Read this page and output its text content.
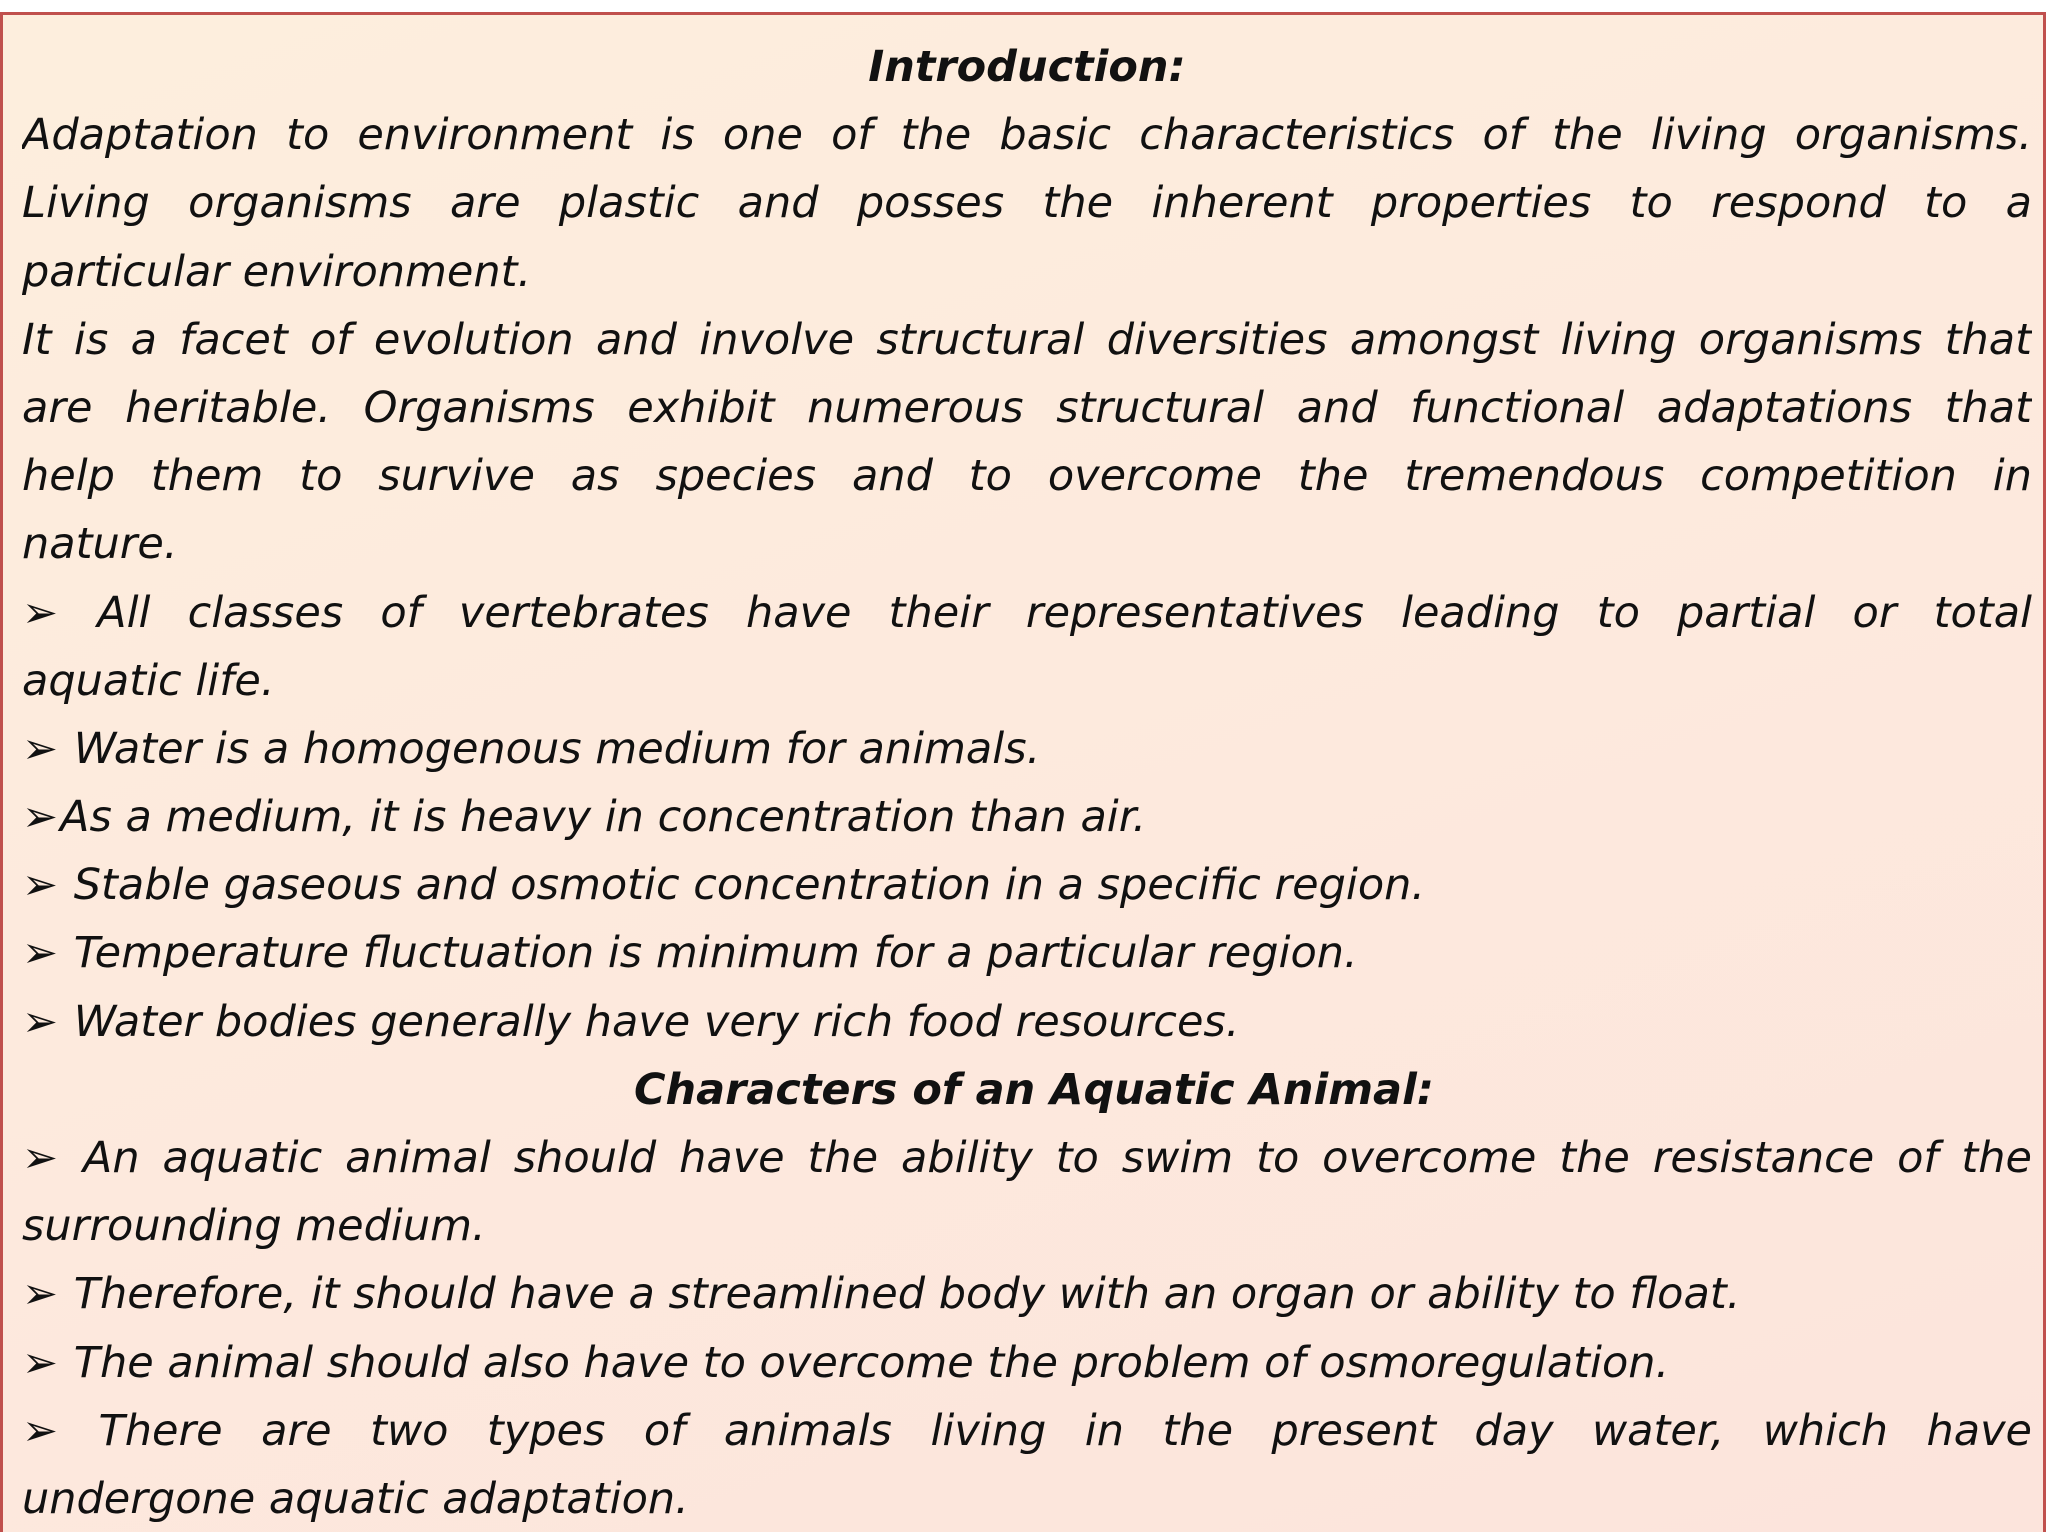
Introduction:
Adaptation to environment is one of the basic characteristics of the living organisms.
Living organisms are plastic and posses the inherent properties to respond to a
particular environment.
It is a facet of evolution and involve structural diversities amongst living organisms that
are heritable. Organisms exhibit numerous structural and functional adaptations that
help them to survive as species and to overcome the tremendous competition in
nature.
➢ All classes of vertebrates have their representatives leading to partial or total
aquatic life.
➢ Water is a homogenous medium for animals.
➢As a medium, it is heavy in concentration than air.
➢ Stable gaseous and osmotic concentration in a specific region.
➢ Temperature fluctuation is minimum for a particular region.
➢ Water bodies generally have very rich food resources.
Characters of an Aquatic Animal:
➢ An aquatic animal should have the ability to swim to overcome the resistance of the
surrounding medium.
➢ Therefore, it should have a streamlined body with an organ or ability to float.
➢ The animal should also have to overcome the problem of osmoregulation.
➢ There are two types of animals living in the present day water, which have
undergone aquatic adaptation.
